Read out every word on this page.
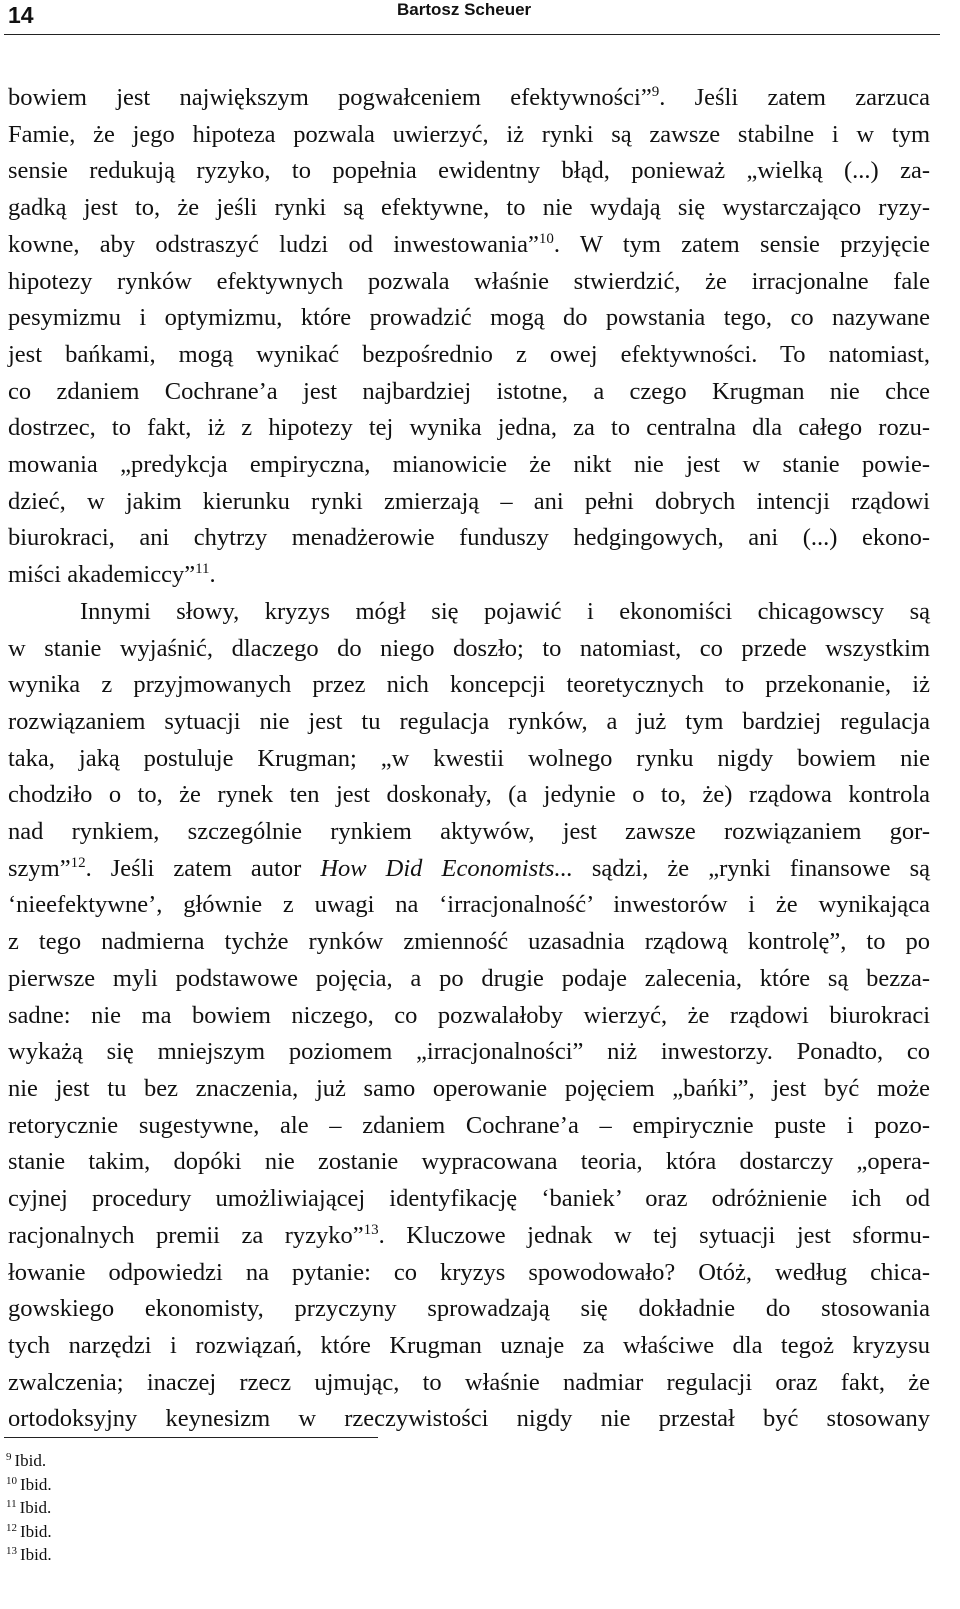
14	Bartosz Scheuer
bowiem jest największym pogwałceniem efektywności”$^9$. Jeśli zatem zarzuca
Famie, że jego hipoteza pozwala uwierzyć, iż rynki są zawsze stabilne i w tym
sensie redukują ryzyko, to popełnia ewidentny błąd, ponieważ „wielką (...) za-
gadką jest to, że jeśli rynki są efektywne, to nie wydają się wystarczająco ryzy-
kowne, aby odstraszyć ludzi od inwestowania”$^{10}$. W tym zatem sensie przyjęcie
hipotezy rynków efektywnych pozwala właśnie stwierdzić, że irracjonalne fale
pesymizmu i optymizmu, które prowadzić mogą do powstania tego, co nazywane
jest bańkami, mogą wynikać bezpośrednio z owej efektywności. To natomiast,
co zdaniem Cochrane’a jest najbardziej istotne, a czego Krugman nie chce
dostrzec, to fakt, iż z hipotezy tej wynika jedna, za to centralna dla całego rozu-
mowania „predykcja empiryczna, mianowicie że nikt nie jest w stanie powie-
dzieć, w jakim kierunku rynki zmierzają – ani pełni dobrych intencji rządowi
biurokraci, ani chytrzy menadżerowie funduszy hedgingowych, ani (...) ekono-
miści akademiccy”$^{11}$.
Innymi słowy, kryzys mógł się pojawić i ekonomiści chicagowscy są
w stanie wyjaśnić, dlaczego do niego doszło; to natomiast, co przede wszystkim
wynika z przyjmowanych przez nich koncepcji teoretycznych to przekonanie, iż
rozwiązaniem sytuacji nie jest tu regulacja rynków, a już tym bardziej regulacja
taka, jaką postuluje Krugman; „w kwestii wolnego rynku nigdy bowiem nie
chodziło o to, że rynek ten jest doskonały, (a jedynie o to, że) rządowa kontrola
nad rynkiem, szczególnie rynkiem aktywów, jest zawsze rozwiązaniem gor-
szym”$^{12}$. Jeśli zatem autor How Did Economists... sądzi, że „rynki finansowe są
‘nieefektywne’, głównie z uwagi na ‘irracjonalność’ inwestorów i że wynikająca
z tego nadmierna tychże rynków zmienność uzasadnia rządową kontrolę”, to po
pierwsze myli podstawowe pojęcia, a po drugie podaje zalecenia, które są bezza-
sadne: nie ma bowiem niczego, co pozwalałoby wierzyć, że rządowi biurokraci
wykażą się mniejszym poziomem „irracjonalności” niż inwestorzy. Ponadto, co
nie jest tu bez znaczenia, już samo operowanie pojęciem „bańki”, jest być może
retorycznie sugestywne, ale – zdaniem Cochrane’a – empirycznie puste i pozo-
stanie takim, dopóki nie zostanie wypracowana teoria, która dostarczy „opera-
cyjnej procedury umożliwiającej identyfikację ‘baniek’ oraz odróżnienie ich od
racjonalnych premii za ryzyko”$^{13}$. Kluczowe jednak w tej sytuacji jest sformu-
łowanie odpowiedzi na pytanie: co kryzys spowodowało? Otóż, według chica-
gowskiego ekonomisty, przyczyny sprowadzają się dokładnie do stosowania
tych narzędzi i rozwiązań, które Krugman uznaje za właściwe dla tegoż kryzysu
zwalczenia; inaczej rzecz ujmując, to właśnie nadmiar regulacji oraz fakt, że
ortodoksyjny keynesizm w rzeczywistości nigdy nie przestał być stosowany
$^9$ Ibid.
$^{10}$ Ibid.
$^{11}$ Ibid.
$^{12}$ Ibid.
$^{13}$ Ibid.
